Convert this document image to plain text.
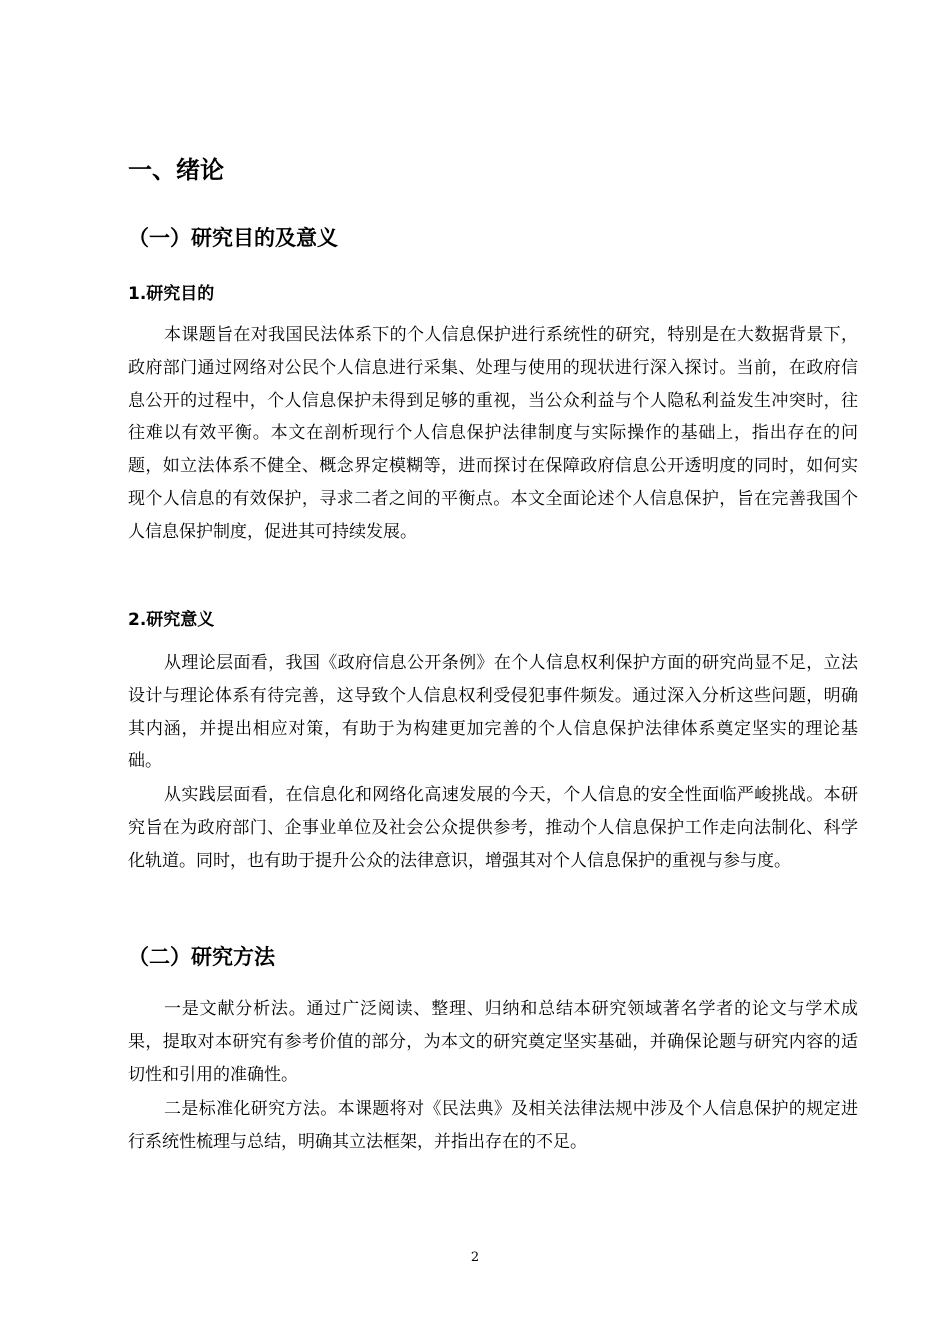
一、绪论
（一）研究目的及意义
1.研究目的

本课题旨在对我国民法体系下的个人信息保护进行系统性的研究，特别是在大数据背景下，政府部门通过网络对公民个人信息进行采集、处理与使用的现状进行深入探讨。当前，在政府信息公开的过程中，个人信息保护未得到足够的重视，当公众利益与个人隐私利益发生冲突时，往往难以有效平衡。本文在剖析现行个人信息保护法律制度与实际操作的基础上，指出存在的问题，如立法体系不健全、概念界定模糊等，进而探讨在保障政府信息公开透明度的同时，如何实现个人信息的有效保护，寻求二者之间的平衡点。本文全面论述个人信息保护，旨在完善我国个人信息保护制度，促进其可持续发展。

2.研究意义

从理论层面看，我国《政府信息公开条例》在个人信息权利保护方面的研究尚显不足，立法设计与理论体系有待完善，这导致个人信息权利受侵犯事件频发。通过深入分析这些问题，明确其内涵，并提出相应对策，有助于为构建更加完善的个人信息保护法律体系奠定坚实的理论基础。

从实践层面看，在信息化和网络化高速发展的今天，个人信息的安全性面临严峻挑战。本研究旨在为政府部门、企事业单位及社会公众提供参考，推动个人信息保护工作走向法制化、科学化轨道。同时，也有助于提升公众的法律意识，增强其对个人信息保护的重视与参与度。

（二）研究方法

一是文献分析法。通过广泛阅读、整理、归纳和总结本研究领域著名学者的论文与学术成果，提取对本研究有参考价值的部分，为本文的研究奠定坚实基础，并确保论题与研究内容的适切性和引用的准确性。

二是标准化研究方法。本课题将对《民法典》及相关法律法规中涉及个人信息保护的规定进行系统性梳理与总结，明确其立法框架，并指出存在的不足。

2
